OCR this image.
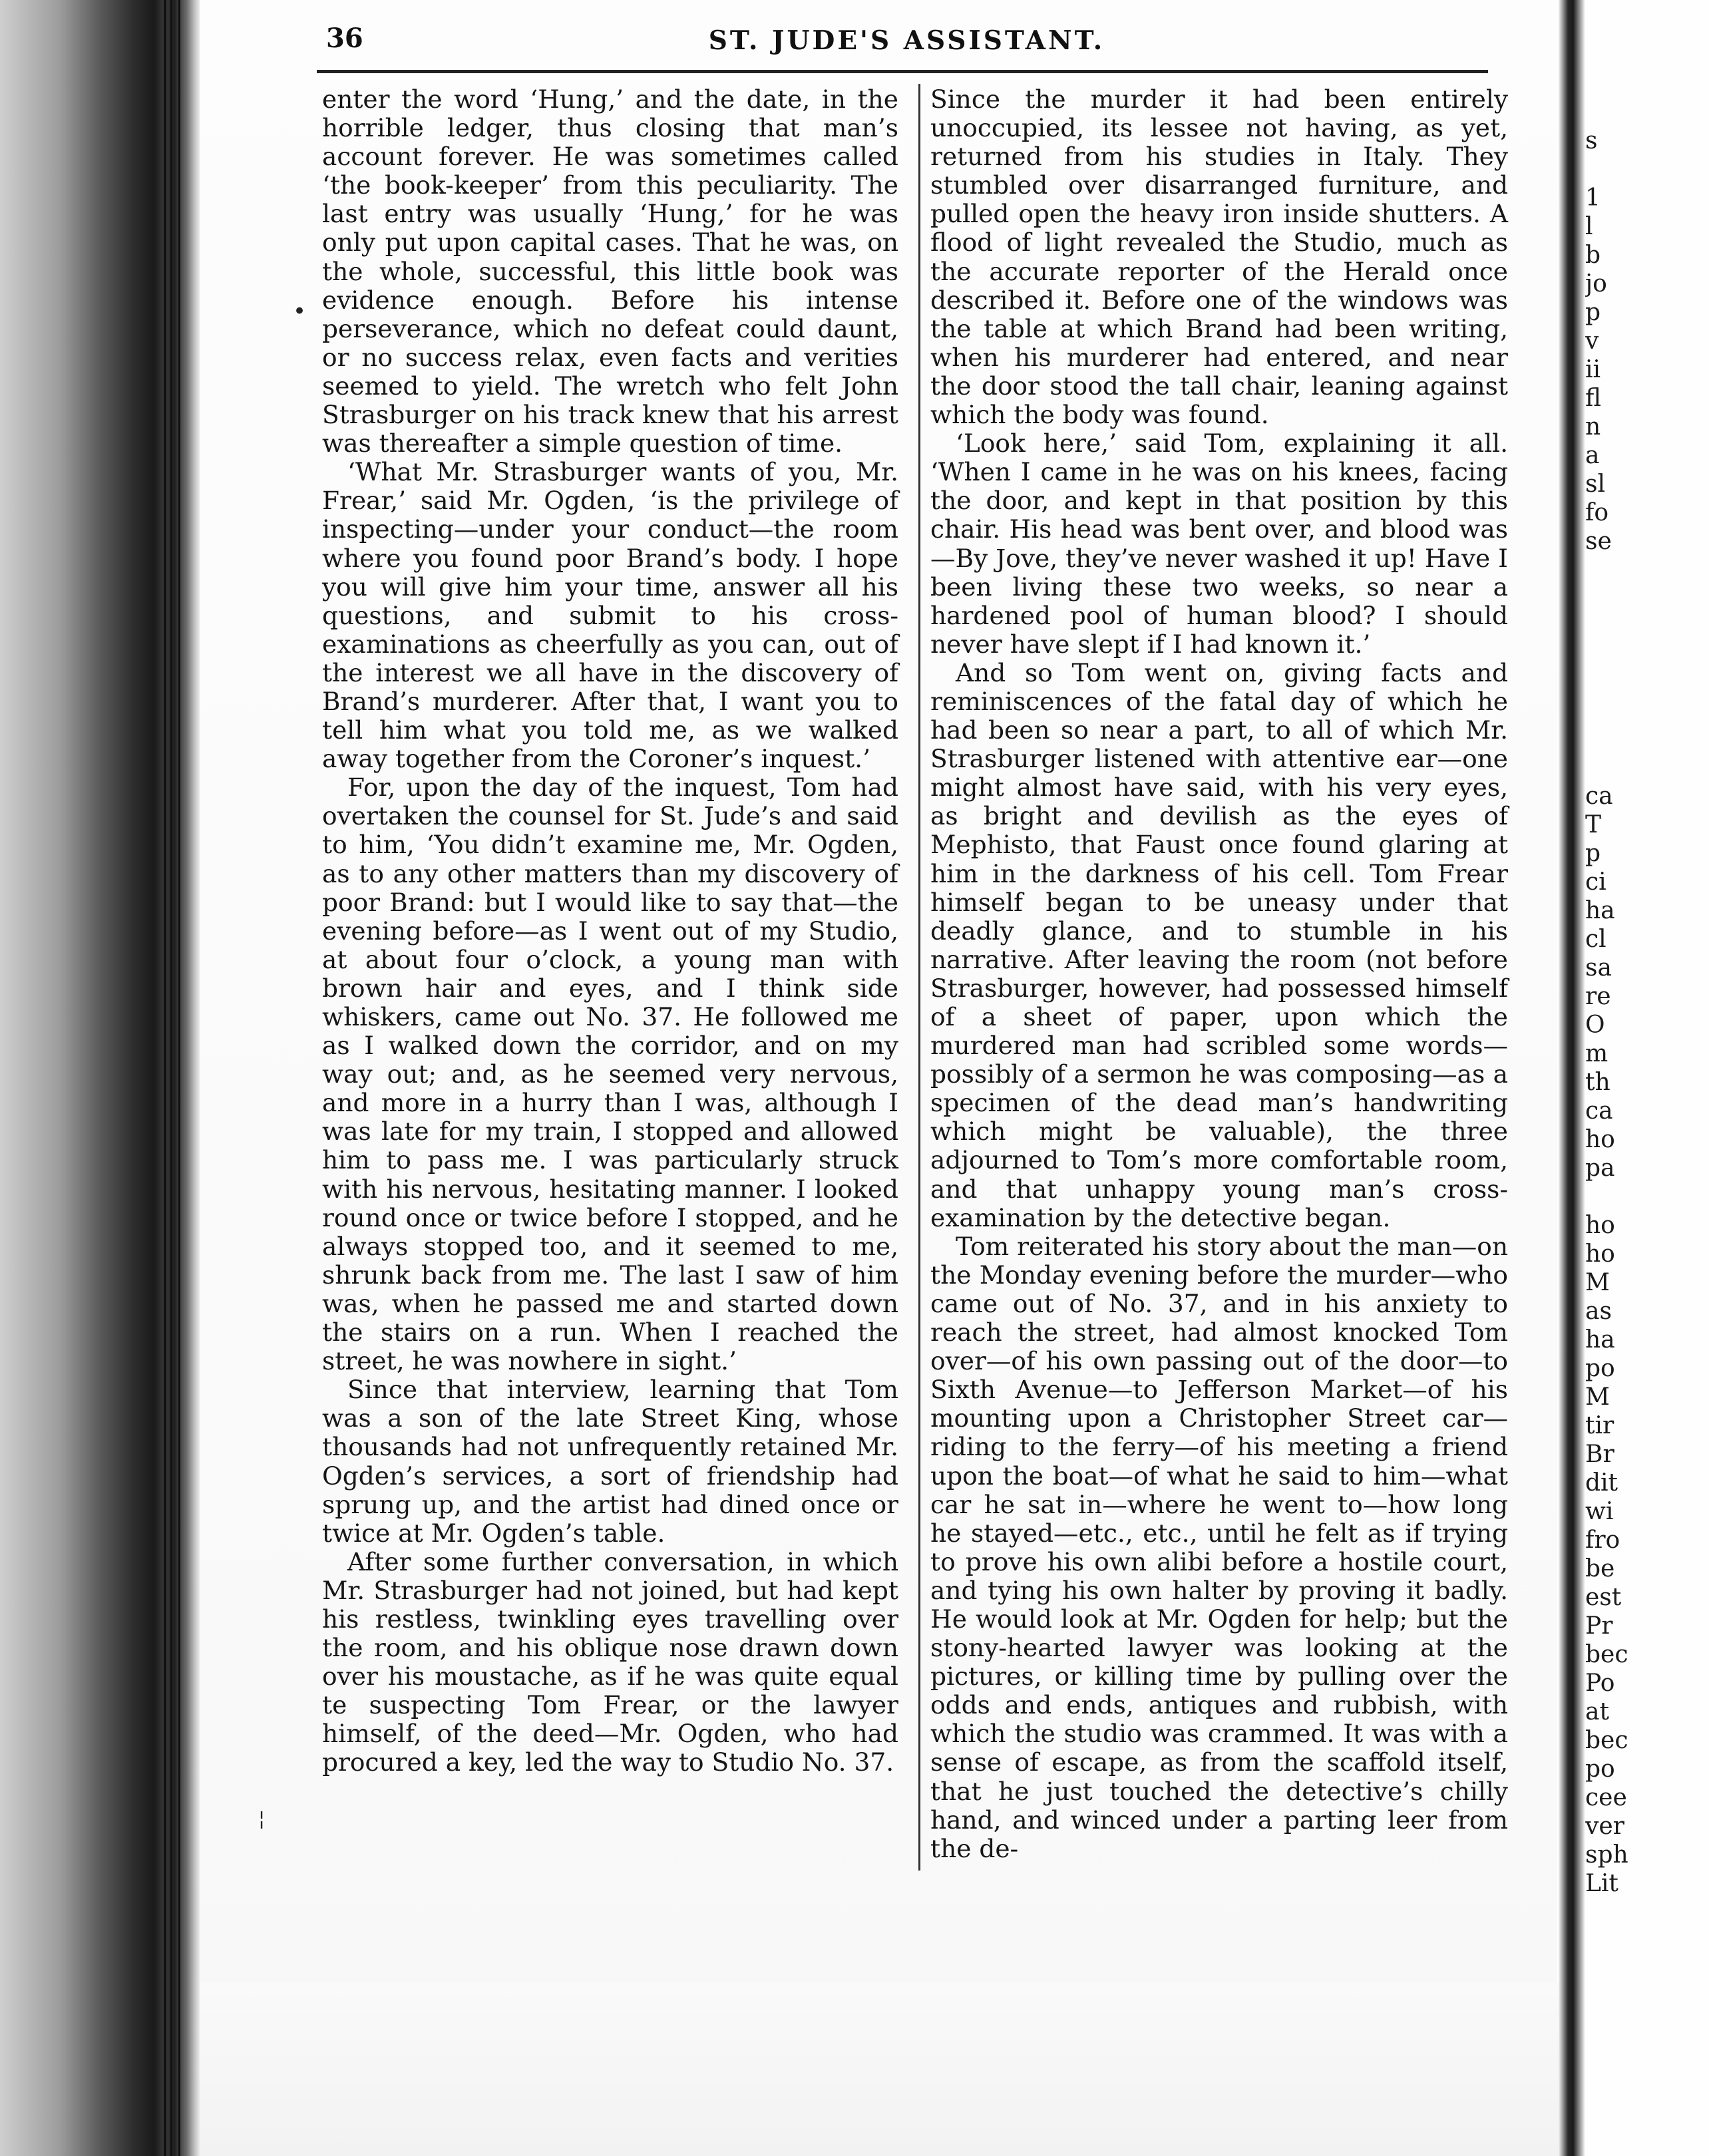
36	ST. JUDE'S ASSISTANT.

enter the word ‘Hung,’ and the date, in the horrible ledger, thus closing that man’s account forever. He was sometimes called ‘the book-keeper’ from this peculiarity. The last entry was usually ‘Hung,’ for he was only put upon capital cases. That he was, on the whole, successful, this little book was evidence enough. Before his intense perseverance, which no defeat could daunt, or no success relax, even facts and verities seemed to yield. The wretch who felt John Strasburger on his track knew that his arrest was thereafter a simple question of time.

‘What Mr. Strasburger wants of you, Mr. Frear,’ said Mr. Ogden, ‘is the privilege of inspecting—under your conduct—the room where you found poor Brand’s body. I hope you will give him your time, answer all his questions, and submit to his cross-examinations as cheerfully as you can, out of the interest we all have in the discovery of Brand’s murderer. After that, I want you to tell him what you told me, as we walked away together from the Coroner’s inquest.’

For, upon the day of the inquest, Tom had overtaken the counsel for St. Jude’s and said to him, ‘You didn’t examine me, Mr. Ogden, as to any other matters than my discovery of poor Brand: but I would like to say that—the evening before—as I went out of my Studio, at about four o’clock, a young man with brown hair and eyes, and I think side whiskers, came out No. 37. He followed me as I walked down the corridor, and on my way out; and, as he seemed very nervous, and more in a hurry than I was, although I was late for my train, I stopped and allowed him to pass me. I was particularly struck with his nervous, hesitating manner. I looked round once or twice before I stopped, and he always stopped too, and it seemed to me, shrunk back from me. The last I saw of him was, when he passed me and started down the stairs on a run. When I reached the street, he was nowhere in sight.’

Since that interview, learning that Tom was a son of the late Street King, whose thousands had not unfrequently retained Mr. Ogden’s services, a sort of friendship had sprung up, and the artist had dined once or twice at Mr. Ogden’s table.

After some further conversation, in which Mr. Strasburger had not joined, but had kept his restless, twinkling eyes travelling over the room, and his oblique nose drawn down over his moustache, as if he was quite equal te suspecting Tom Frear, or the lawyer himself, of the deed—Mr. Ogden, who had procured a key, led the way to Studio No. 37.

Since the murder it had been entirely unoccupied, its lessee not having, as yet, returned from his studies in Italy. They stumbled over disarranged furniture, and pulled open the heavy iron inside shutters. A flood of light revealed the Studio, much as the accurate reporter of the Herald once described it. Before one of the windows was the table at which Brand had been writing, when his murderer had entered, and near the door stood the tall chair, leaning against which the body was found.

‘Look here,’ said Tom, explaining it all. ‘When I came in he was on his knees, facing the door, and kept in that position by this chair. His head was bent over, and blood was—By Jove, they’ve never washed it up! Have I been living these two weeks, so near a hardened pool of human blood? I should never have slept if I had known it.’

And so Tom went on, giving facts and reminiscences of the fatal day of which he had been so near a part, to all of which Mr. Strasburger listened with attentive ear—one might almost have said, with his very eyes, as bright and devilish as the eyes of Mephisto, that Faust once found glaring at him in the darkness of his cell. Tom Frear himself began to be uneasy under that deadly glance, and to stumble in his narrative. After leaving the room (not before Strasburger, however, had possessed himself of a sheet of paper, upon which the murdered man had scribled some words—possibly of a sermon he was composing—as a specimen of the dead man’s handwriting which might be valuable), the three adjourned to Tom’s more comfortable room, and that unhappy young man’s cross-examination by the detective began.

Tom reiterated his story about the man—on the Monday evening before the murder—who came out of No. 37, and in his anxiety to reach the street, had almost knocked Tom over—of his own passing out of the door—to Sixth Avenue—to Jefferson Market—of his mounting upon a Christopher Street car—riding to the ferry—of his meeting a friend upon the boat—of what he said to him—what car he sat in—where he went to—how long he stayed—etc., etc., until he felt as if trying to prove his own alibi before a hostile court, and tying his own halter by proving it badly. He would look at Mr. Ogden for help; but the stony-hearted lawyer was looking at the pictures, or killing time by pulling over the odds and ends, antiques and rubbish, with which the studio was crammed. It was with a sense of escape, as from the scaffold itself, that he just touched the detective’s chilly hand, and winced under a parting leer from the de-

•
¦
s
1
l
b
jo
p
v
ii
fl
n
a
sl
fo
se
ca
T
p
ci
ha
cl
sa
re
O
m
th
ca
ho
pa
ho
ho
M
as
ha
po
M
tir
Br
dit
wi
fro
be
est
Pr
bec
Po
at
bec
po
cee
ver
sph
Lit
